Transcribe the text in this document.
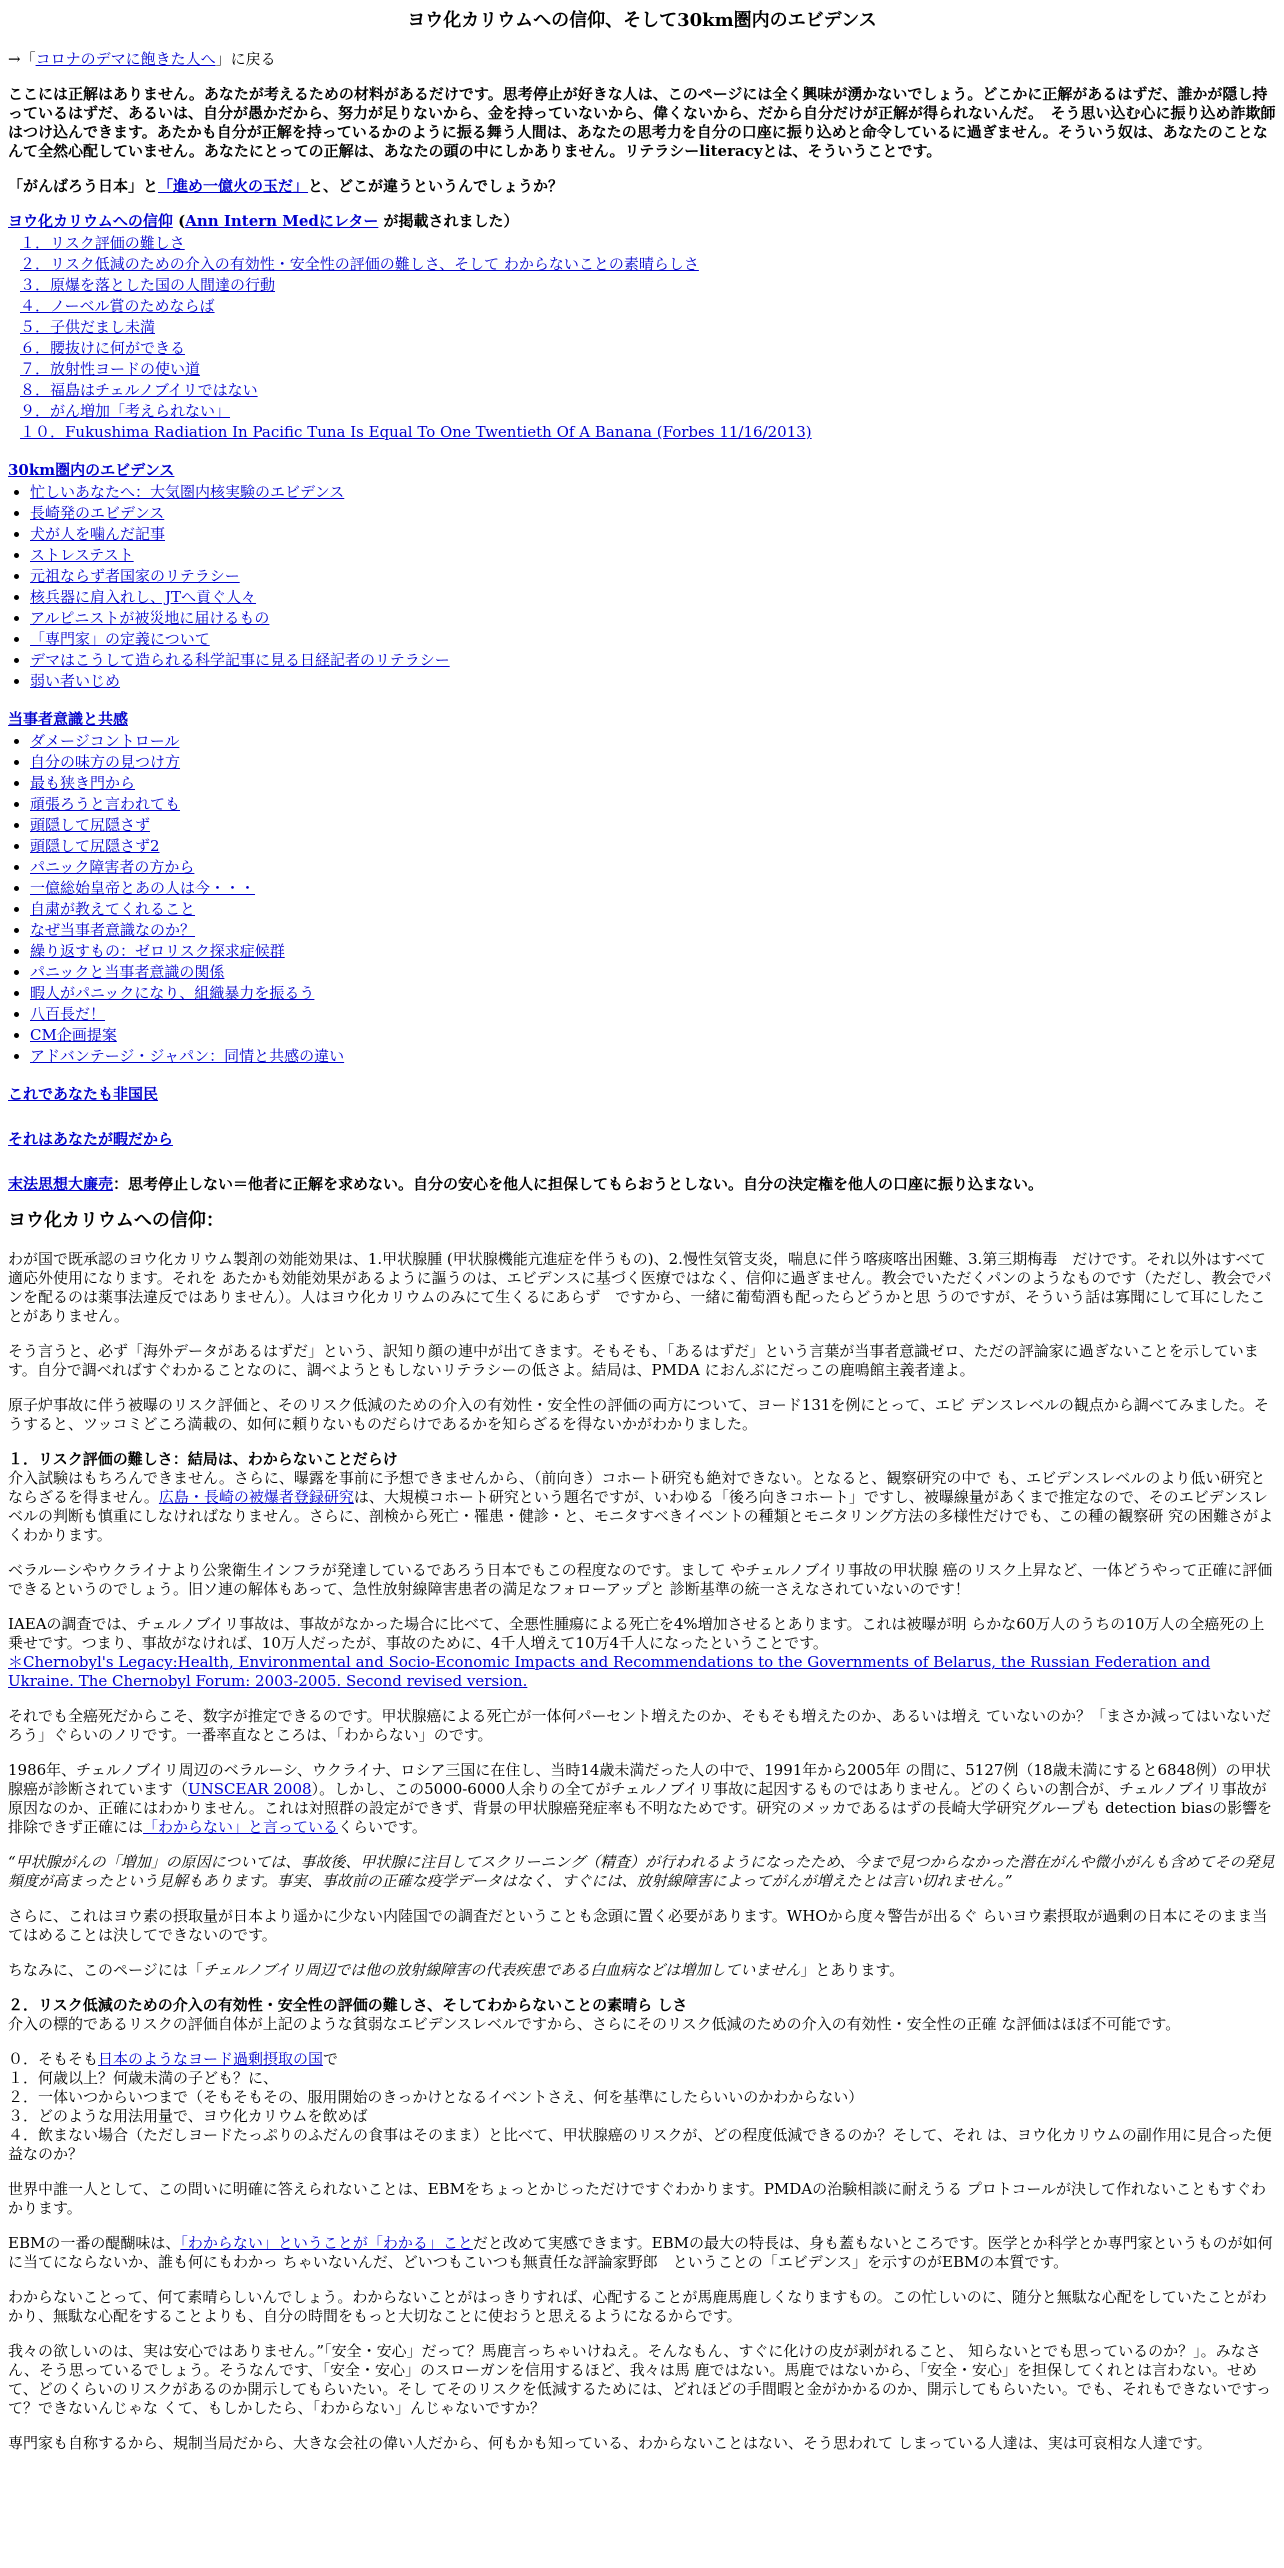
ヨウ化カリウムへの信仰、そして30km圏内のエビデンス

→「コロナのデマに飽きた人へ」に戻る

ここには正解はありません。あなたが考えるための材料があるだけです。思考停止が好きな人は、このページには全く興味が湧かないでしょう。どこかに正解があるはずだ、誰かが隠し持っているはずだ、あるいは、自分が愚かだから、努力が足りないから、金を持っていないから、偉くないから、だから自分だけが正解が得られないんだ。　そう思い込む心に振り込め詐欺師はつけ込んできます。あたかも自分が正解を持っているかのように振る舞う人間は、あなたの思考力を自分の口座に振り込めと命令しているに過ぎません。そういう奴は、あなたのことなんて全然心配していません。あなたにとっての正解は、あなたの頭の中にしかありません。リテラシーliteracyとは、そういうことです。

「がんばろう日本」と「進め一億火の玉だ」と、どこが違うというんでしょうか？

ヨウ化カリウムへの信仰 (Ann Intern Medにレター が掲載されました）
１．リスク評価の難しさ
２．リスク低減のための介入の有効性・安全性の評価の難しさ、そして わからないことの素晴らしさ
３．原爆を落とした国の人間達の行動
４．ノーベル賞のためならば
５．子供だまし未満
６．腰抜けに何ができる
７．放射性ヨードの使い道
８．福島はチェルノブイリではない
９．がん増加「考えられない」
１０．Fukushima Radiation In Pacific Tuna Is Equal To One Twentieth Of A Banana (Forbes 11/16/2013)
30km圏内のエビデンス
• 忙しいあなたへ：大気圏内核実験のエビデンス
• 長崎発のエビデンス
• 犬が人を噛んだ記事
• ストレステスト
• 元祖ならず者国家のリテラシー
• 核兵器に肩入れし、JTへ貢ぐ人々
• アルピニストが被災地に届けるもの
• 「専門家」の定義について
• デマはこうして造られる科学記事に見る日経記者のリテラシー
• 弱い者いじめ
当事者意識と共感
• ダメージコントロール
• 自分の味方の見つけ方
• 最も狭き門から
• 頑張ろうと言われても
• 頭隠して尻隠さず
• 頭隠して尻隠さず2
• パニック障害者の方から
• 一億総始皇帝とあの人は今・・・
• 自粛が教えてくれること
• なぜ当事者意識なのか？
• 繰り返すもの：ゼロリスク探求症候群
• パニックと当事者意識の関係
• 暇人がパニックになり、組織暴力を振るう
• 八百長だ！
• CM企画提案
• アドバンテージ・ジャパン：同情と共感の違い
これであなたも非国民
それはあなたが暇だから

末法思想大廉売：思考停止しない＝他者に正解を求めない。自分の安心を他人に担保してもらおうとしない。自分の決定権を他人の口座に振り込まない。

ヨウ化カリウムへの信仰：

わが国で既承認のヨウ化カリウム製剤の効能効果は、1.甲状腺腫 (甲状腺機能亢進症を伴うもの)、2.慢性気管支炎，喘息に伴う喀痰喀出困難、3.第三期梅毒　だけです。それ以外はすべて適応外使用になります。それを あたかも効能効果があるように謳うのは、エビデンスに基づく医療ではなく、信仰に過ぎません。教会でいただくパンのようなものです（ただし、教会でパンを配るのは薬事法違反ではありません）。人はヨウ化カリウムのみにて生くるにあらず　ですから、一緒に葡萄酒も配ったらどうかと思 うのですが、そういう話は寡聞にして耳にしたことがありません。

そう言うと、必ず「海外データがあるはずだ」という、訳知り顔の連中が出てきます。そもそも、「あるはずだ」という言葉が当事者意識ゼロ、ただの評論家に過ぎないことを示しています。自分で調べればすぐわかることなのに、調べようともしないリテラシーの低さよ。結局は、PMDA におんぶにだっこの鹿鳴館主義者達よ。

原子炉事故に伴う被曝のリスク評価と、そのリスク低減のための介入の有効性・安全性の評価の両方について、ヨード131を例にとって、エビ デンスレベルの観点から調べてみました。そうすると、ツッコミどころ満載の、如何に頼りないものだらけであるかを知らざるを得ないかがわかりました。

１．リスク評価の難しさ：結局は、わからないことだらけ

介入試験はもちろんできません。さらに、曝露を事前に予想できませんから、（前向き）コホート研究も絶対できない。となると、観察研究の中で も、エビデンスレベルのより低い研究とならざるを得ません。広島・長崎の被爆者登録研究は、大規模コホート研究という題名ですが、いわゆる「後ろ向きコホート」ですし、被曝線量があくまで推定なので、そのエビデンスレベルの判断も慎重にしなければなりません。さらに、剖検から死亡・罹患・健診・と、モニタすべきイベントの種類とモニタリング方法の多様性だけでも、この種の観察研 究の困難さがよくわかります。

ベラルーシやウクライナより公衆衛生インフラが発達しているであろう日本でもこの程度なのです。まして やチェルノブイリ事故の甲状腺 癌のリスク上昇など、一体どうやって正確に評価できるというのでしょう。旧ソ連の解体もあって、急性放射線障害患者の満足なフォローアップと 診断基準の統一さえなされていないのです！

IAEAの調査では、チェルノブイリ事故は、事故がなかった場合に比べて、全悪性腫瘍による死亡を4%増加させるとあります。これは被曝が明 らかな60万人のうちの10万人の全癌死の上乗せです。つまり、事故がなければ、10万人だったが、事故のために、4千人増えて10万4千人になったということです。

＊Chernobyl's Legacy:Health, Environmental and Socio-Economic Impacts and Recommendations to the Governments of Belarus, the Russian Federation and Ukraine. The Chernobyl Forum: 2003-2005. Second revised version.

それでも全癌死だからこそ、数字が推定できるのです。甲状腺癌による死亡が一体何パーセント増えたのか、そもそも増えたのか、あるいは増え ていないのか？「まさか減ってはいないだろう」ぐらいのノリです。一番率直なところは、「わからない」のです。

1986年、チェルノブイリ周辺のベラルーシ、ウクライナ、ロシア三国に在住し、当時14歳未満だった人の中で、1991年から2005年 の間に、5127例（18歳未満にすると6848例）の甲状腺癌が診断されています（UNSCEAR 2008）。しかし、この5000-6000人余りの全てがチェルノブイリ事故に起因するものではありません。どのくらいの割合が、チェルノブイリ事故が原因なのか、正確にはわかりません。これは対照群の設定ができず、背景の甲状腺癌発症率も不明なためです。研究のメッカであるはずの長崎大学研究グループも detection biasの影響を排除できず正確には「わからない」と言っているくらいです。

“甲状腺がんの「増加」の原因については、事故後、甲状腺に注目してスクリーニング（精査）が行われるようになったため、今まで見つからなかった潜在がんや微小がんも含めてその発見頻度が高まったという見解もあります。事実、事故前の正確な疫学データはなく、すぐには、放射線障害によってがんが増えたとは言い切れません。”

さらに、これはヨウ素の摂取量が日本より遥かに少ない内陸国での調査だということも念頭に置く必要があります。WHOから度々警告が出るぐ らいヨウ素摂取が過剰の日本にそのまま当てはめることは決してできないのです。

ちなみに、このページには「チェルノブイリ周辺では他の放射線障害の代表疾患である白血病などは増加していません」とあります。

２．リスク低減のための介入の有効性・安全性の評価の難しさ、そしてわからないことの素晴ら しさ

介入の標的であるリスクの評価自体が上記のような貧弱なエビデンスレベルですから、さらにそのリスク低減のための介入の有効性・安全性の正確 な評価はほぼ不可能です。

０．そもそも日本のようなヨード過剰摂取の国で
１．何歳以上？何歳未満の子ども？に、
２．一体いつからいつまで（そもそもその、服用開始のきっかけとなるイベントさえ、何を基準にしたらいいのかわからない）
３．どのような用法用量で、ヨウ化カリウムを飲めば
４．飲まない場合（ただしヨードたっぷりのふだんの食事はそのまま）と比べて、甲状腺癌のリスクが、どの程度低減できるのか？そして、それ は、ヨウ化カリウムの副作用に見合った便益なのか？

世界中誰一人として、この問いに明確に答えられないことは、EBMをちょっとかじっただけですぐわかります。PMDAの治験相談に耐えうる プロトコールが決して作れないこともすぐわかります。

EBMの一番の醍醐味は、「わからない」ということが「わかる」ことだと改めて実感できます。EBMの最大の特長は、身も蓋もないところです。医学とか科学とか専門家というものが如何に当てにならないか、誰も何にもわかっ ちゃいないんだ、どいつもこいつも無責任な評論家野郎　ということの「エビデンス」を示すのがEBMの本質です。

わからないことって、何て素晴らしいんでしょう。わからないことがはっきりすれば、心配することが馬鹿馬鹿しくなりますもの。この忙しいのに、随分と無駄な心配をしていたことがわかり、無駄な心配をすることよりも、自分の時間をもっと大切なことに使おうと思えるようになるからです。

我々の欲しいのは、実は安心ではありません。”「安全・安心」だって？馬鹿言っちゃいけねえ。そんなもん、すぐに化けの皮が剥がれること、 知らないとでも思っているのか？」。みなさん、そう思っているでしょう。そうなんです、「安全・安心」のスローガンを信用するほど、我々は馬 鹿ではない。馬鹿ではないから、「安全・安心」を担保してくれとは言わない。せめて、どのくらいのリスクがあるのか開示してもらいたい。そし てそのリスクを低減するためには、どれほどの手間暇と金がかかるのか、開示してもらいたい。でも、それもできないですって？できないんじゃな くて、もしかしたら、「わからない」んじゃないですか？

専門家も自称するから、規制当局だから、大きな会社の偉い人だから、何もかも知っている、わからないことはない、そう思われて しまっている人達は、実は可哀相な人達です。
